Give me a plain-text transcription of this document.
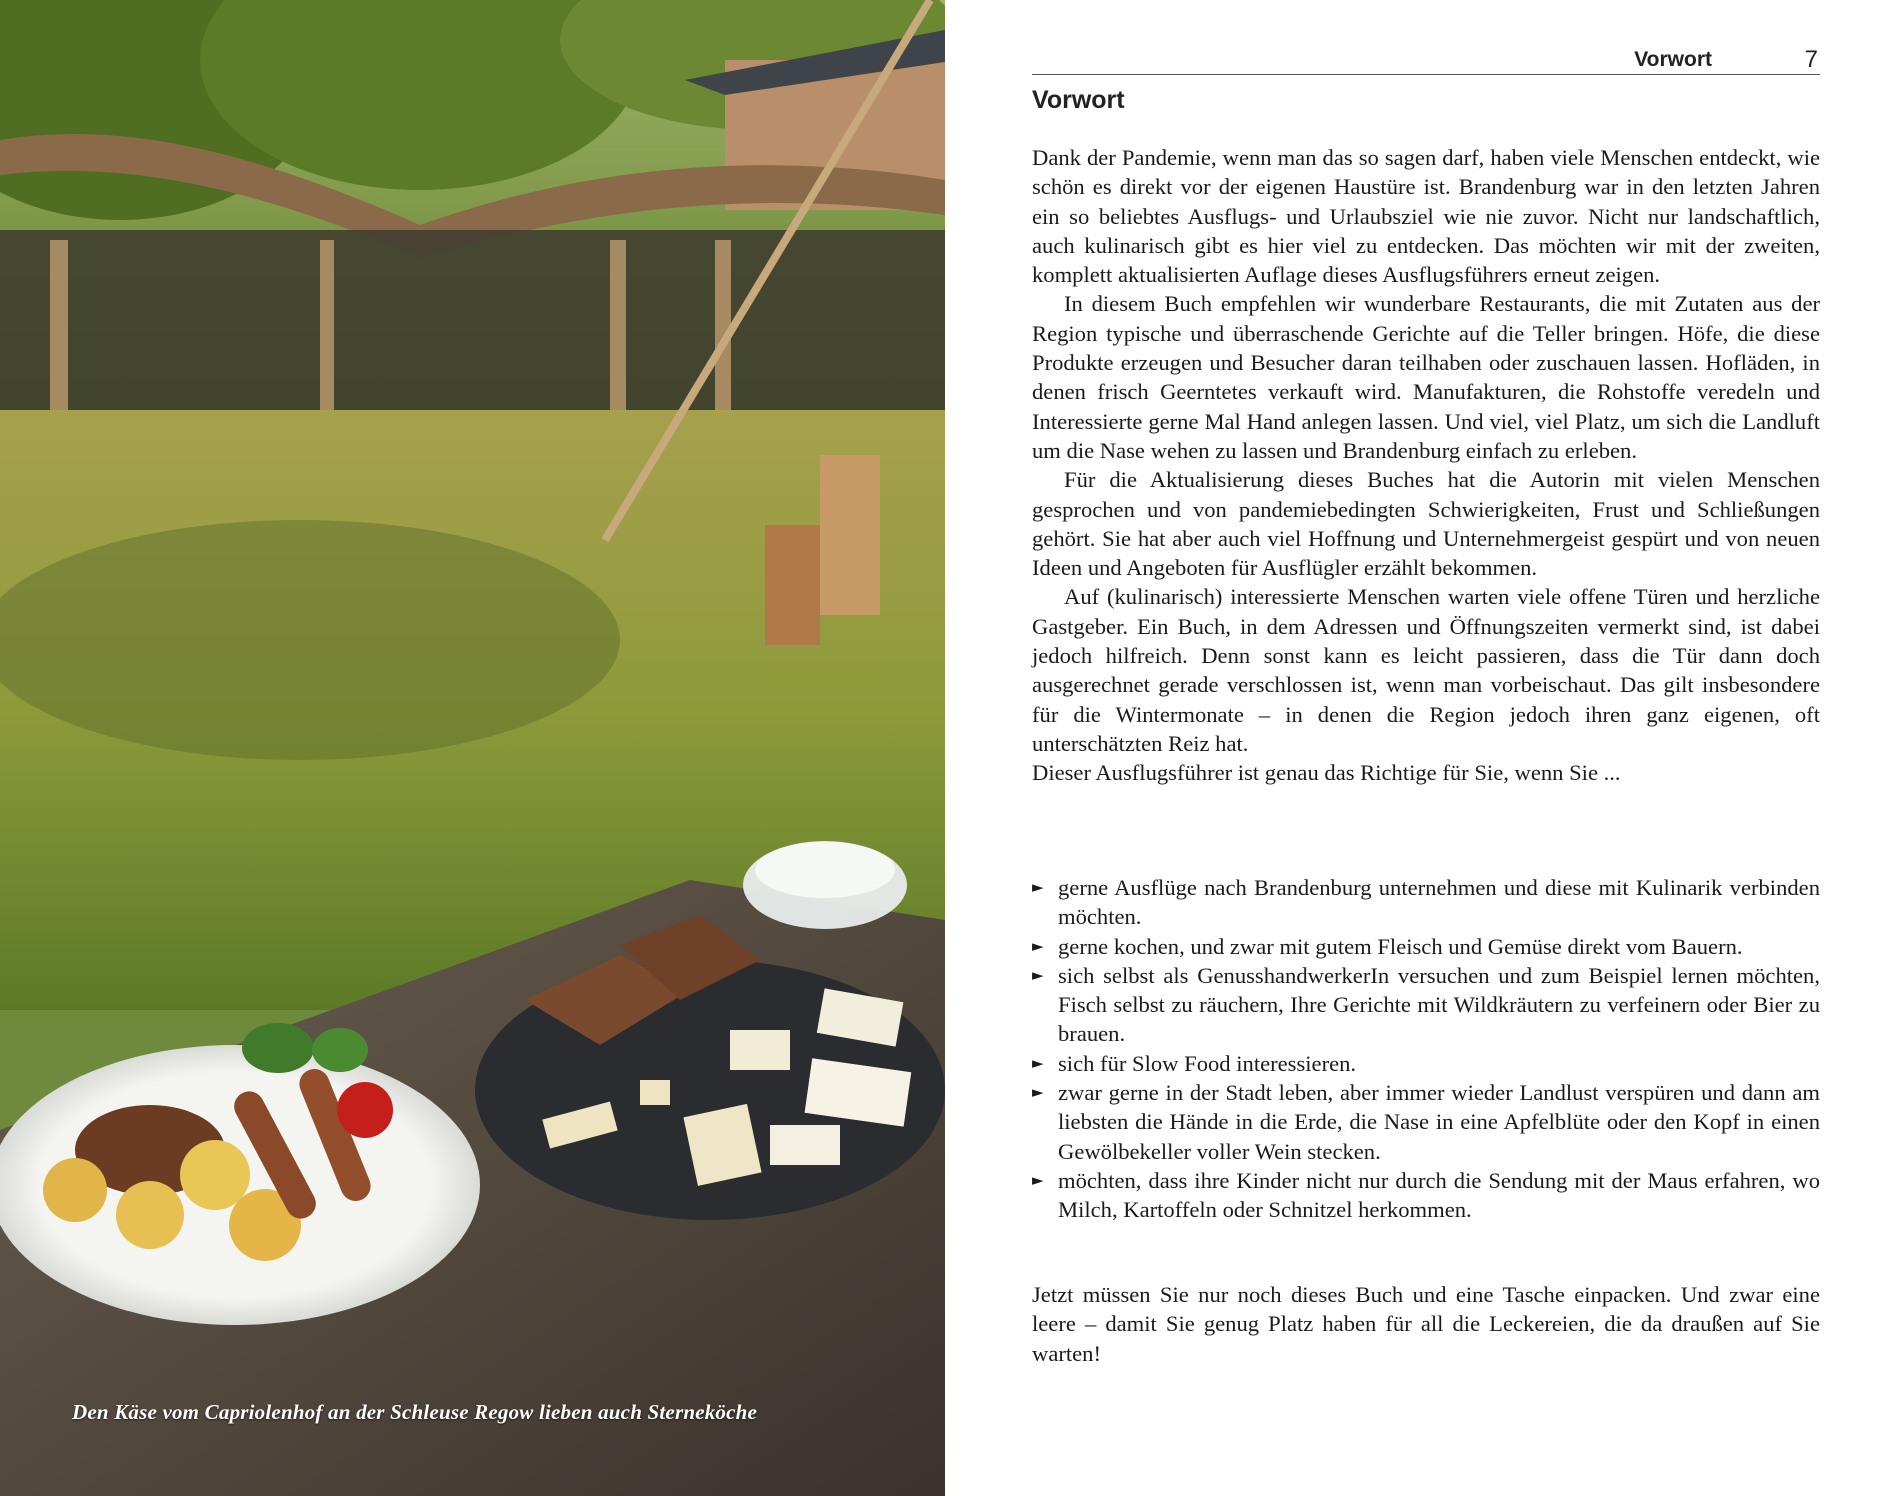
Den Käse vom Capriolenhof an der Schleuse Regow lieben auch Sterneköche
Vorwort	7
Vorwort

Dank der Pandemie, wenn man das so sagen darf, haben viele Menschen entdeckt, wie schön es direkt vor der eigenen Haustüre ist. Brandenburg war in den letzten Jahren ein so beliebtes Ausflugs- und Urlaubsziel wie nie zuvor. Nicht nur landschaftlich, auch kulinarisch gibt es hier viel zu entdecken. Das möchten wir mit der zweiten, komplett aktualisierten Auflage dieses Ausflugsführers erneut zeigen.

In diesem Buch empfehlen wir wunderbare Restaurants, die mit Zutaten aus der Region typische und überraschende Gerichte auf die Teller bringen. Höfe, die diese Produkte erzeugen und Besucher daran teilhaben oder zuschauen lassen. Hofläden, in denen frisch Geerntetes verkauft wird. Manufakturen, die Rohstoffe veredeln und Interessierte gerne Mal Hand anlegen lassen. Und viel, viel Platz, um sich die Landluft um die Nase wehen zu lassen und Brandenburg einfach zu erleben.

Für die Aktualisierung dieses Buches hat die Autorin mit vielen Menschen gesprochen und von pandemiebedingten Schwierigkeiten, Frust und Schließungen gehört. Sie hat aber auch viel Hoffnung und Unternehmergeist gespürt und von neuen Ideen und Angeboten für Ausflügler erzählt bekommen.

Auf (kulinarisch) interessierte Menschen warten viele offene Türen und herzliche Gastgeber. Ein Buch, in dem Adressen und Öffnungszeiten vermerkt sind, ist dabei jedoch hilfreich. Denn sonst kann es leicht passieren, dass die Tür dann doch ausgerechnet gerade verschlossen ist, wenn man vorbeischaut. Das gilt insbesondere für die Wintermonate – in denen die Region jedoch ihren ganz eigenen, oft unterschätzten Reiz hat.

Dieser Ausflugsführer ist genau das Richtige für Sie, wenn Sie ...

► gerne Ausflüge nach Brandenburg unternehmen und diese mit Kulinarik verbinden möchten.
► gerne kochen, und zwar mit gutem Fleisch und Gemüse direkt vom Bauern.
► sich selbst als GenusshandwerkerIn versuchen und zum Beispiel lernen möchten, Fisch selbst zu räuchern, Ihre Gerichte mit Wildkräutern zu verfeinern oder Bier zu brauen.
► sich für Slow Food interessieren.
► zwar gerne in der Stadt leben, aber immer wieder Landlust verspüren und dann am liebsten die Hände in die Erde, die Nase in eine Apfelblüte oder den Kopf in einen Gewölbekeller voller Wein stecken.
► möchten, dass ihre Kinder nicht nur durch die Sendung mit der Maus erfahren, wo Milch, Kartoffeln oder Schnitzel herkommen.
Jetzt müssen Sie nur noch dieses Buch und eine Tasche einpacken. Und zwar eine leere – damit Sie genug Platz haben für all die Leckereien, die da draußen auf Sie warten!
